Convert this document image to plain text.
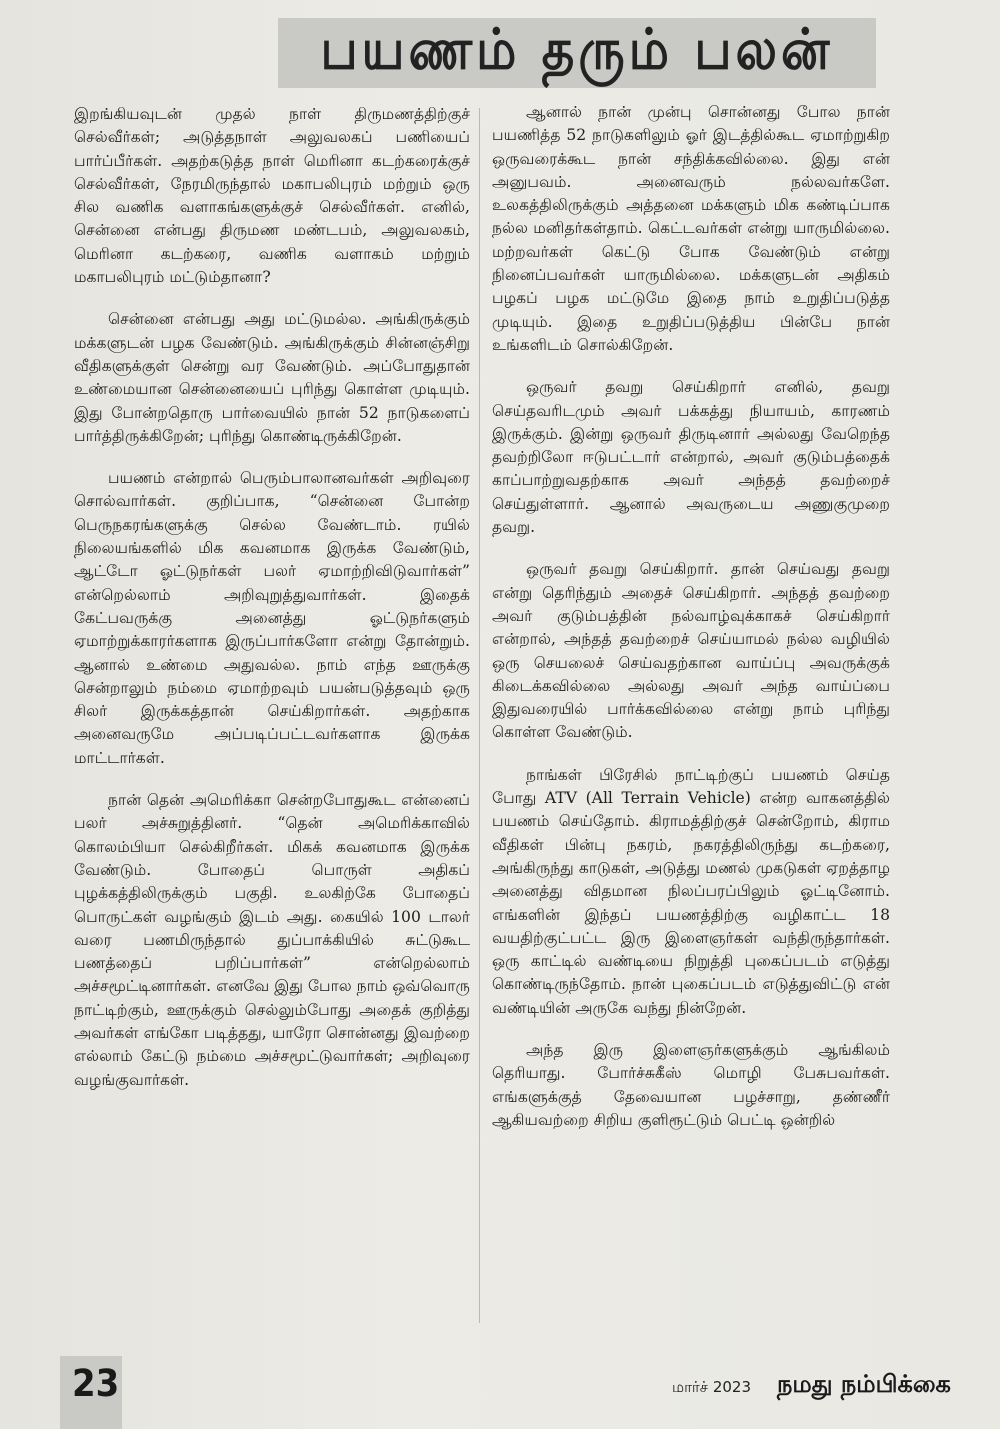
பயணம் தரும் பலன்

இறங்கியவுடன் முதல் நாள் திருமணத்திற்குச் செல்வீர்கள்; அடுத்தநாள் அலுவலகப் பணியைப் பார்ப்பீர்கள். அதற்கடுத்த நாள் மெரினா கடற்கரைக்குச் செல்வீர்கள், நேரமிருந்தால் மகாபலிபுரம் மற்றும் ஒரு சில வணிக வளாகங்களுக்குச் செல்வீர்கள். எனில், சென்னை என்பது திருமண மண்டபம், அலுவலகம், மெரினா கடற்கரை, வணிக வளாகம் மற்றும் மகாபலிபுரம் மட்டும்தானா?

சென்னை என்பது அது மட்டுமல்ல. அங்கிருக்கும் மக்களுடன் பழக வேண்டும். அங்கிருக்கும் சின்னஞ்சிறு வீதிகளுக்குள் சென்று வர வேண்டும். அப்போதுதான் உண்மையான சென்னையைப் புரிந்து கொள்ள முடியும். இது போன்றதொரு பார்வையில் நான் 52 நாடுகளைப் பார்த்திருக்கிறேன்; புரிந்து கொண்டிருக்கிறேன்.

பயணம் என்றால் பெரும்பாலானவர்கள் அறிவுரை சொல்வார்கள். குறிப்பாக, “சென்னை போன்ற பெருநகரங்களுக்கு செல்ல வேண்டாம். ரயில் நிலையங்களில் மிக கவனமாக இருக்க வேண்டும், ஆட்டோ ஓட்டுநர்கள் பலர் ஏமாற்றிவிடுவார்கள்” என்றெல்லாம் அறிவுறுத்துவார்கள். இதைக் கேட்பவருக்கு அனைத்து ஓட்டுநர்களும் ஏமாற்றுக்காரர்களாக இருப்பார்களோ என்று தோன்றும். ஆனால் உண்மை அதுவல்ல. நாம் எந்த ஊருக்கு சென்றாலும் நம்மை ஏமாற்றவும் பயன்படுத்தவும் ஒரு சிலர் இருக்கத்தான் செய்கிறார்கள். அதற்காக அனைவருமே அப்படிப்பட்டவர்களாக இருக்க மாட்டார்கள்.

நான் தென் அமெரிக்கா சென்றபோதுகூட என்னைப் பலர் அச்சுறுத்தினர். “தென் அமெரிக்காவில் கொலம்பியா செல்கிறீர்கள். மிகக் கவனமாக இருக்க வேண்டும். போதைப் பொருள் அதிகப் புழக்கத்திலிருக்கும் பகுதி. உலகிற்கே போதைப் பொருட்கள் வழங்கும் இடம் அது. கையில் 100 டாலர் வரை பணமிருந்தால் துப்பாக்கியில் சுட்டுகூட பணத்தைப் பறிப்பார்கள்” என்றெல்லாம் அச்சமூட்டினார்கள். எனவே இது போல நாம் ஒவ்வொரு நாட்டிற்கும், ஊருக்கும் செல்லும்போது அதைக் குறித்து அவர்கள் எங்கோ படித்தது, யாரோ சொன்னது இவற்றை எல்லாம் கேட்டு நம்மை அச்சமூட்டுவார்கள்; அறிவுரை வழங்குவார்கள்.

ஆனால் நான் முன்பு சொன்னது போல நான் பயணித்த 52 நாடுகளிலும் ஓர் இடத்தில்கூட ஏமாற்றுகிற ஒருவரைக்கூட நான் சந்திக்கவில்லை. இது என் அனுபவம். அனைவரும் நல்லவர்களே. உலகத்திலிருக்கும் அத்தனை மக்களும் மிக கண்டிப்பாக நல்ல மனிதர்கள்தாம். கெட்டவர்கள் என்று யாருமில்லை. மற்றவர்கள் கெட்டு போக வேண்டும் என்று நினைப்பவர்கள் யாருமில்லை. மக்களுடன் அதிகம் பழகப் பழக மட்டுமே இதை நாம் உறுதிப்படுத்த முடியும். இதை உறுதிப்படுத்திய பின்பே நான் உங்களிடம் சொல்கிறேன்.

ஒருவர் தவறு செய்கிறார் எனில், தவறு செய்தவரிடமும் அவர் பக்கத்து நியாயம், காரணம் இருக்கும். இன்று ஒருவர் திருடினார் அல்லது வேறெந்த தவற்றிலோ ஈடுபட்டார் என்றால், அவர் குடும்பத்தைக் காப்பாற்றுவதற்காக அவர் அந்தத் தவற்றைச் செய்துள்ளார். ஆனால் அவருடைய அணுகுமுறை தவறு.

ஒருவர் தவறு செய்கிறார். தான் செய்வது தவறு என்று தெரிந்தும் அதைச் செய்கிறார். அந்தத் தவற்றை அவர் குடும்பத்தின் நல்வாழ்வுக்காகச் செய்கிறார் என்றால், அந்தத் தவற்றைச் செய்யாமல் நல்ல வழியில் ஒரு செயலைச் செய்வதற்கான வாய்ப்பு அவருக்குக் கிடைக்கவில்லை அல்லது அவர் அந்த வாய்ப்பை இதுவரையில் பார்க்கவில்லை என்று நாம் புரிந்து கொள்ள வேண்டும்.

நாங்கள் பிரேசில் நாட்டிற்குப் பயணம் செய்த போது ATV (All Terrain Vehicle) என்ற வாகனத்தில் பயணம் செய்தோம். கிராமத்திற்குச் சென்றோம், கிராம வீதிகள் பின்பு நகரம், நகரத்திலிருந்து கடற்கரை, அங்கிருந்து காடுகள், அடுத்து மணல் முகடுகள் ஏறத்தாழ அனைத்து விதமான நிலப்பரப்பிலும் ஓட்டினோம். எங்களின் இந்தப் பயணத்திற்கு வழிகாட்ட 18 வயதிற்குட்பட்ட இரு இளைஞர்கள் வந்திருந்தார்கள். ஒரு காட்டில் வண்டியை நிறுத்தி புகைப்படம் எடுத்து கொண்டிருந்தோம். நான் புகைப்படம் எடுத்துவிட்டு என் வண்டியின் அருகே வந்து நின்றேன்.

அந்த இரு இளைஞர்களுக்கும் ஆங்கிலம் தெரியாது. போர்ச்சுகீஸ் மொழி பேசுபவர்கள். எங்களுக்குத் தேவையான பழச்சாறு, தண்ணீர் ஆகியவற்றை சிறிய குளிரூட்டும் பெட்டி ஒன்றில்

23	மார்ச் 2023 நமது நம்பிக்கை
